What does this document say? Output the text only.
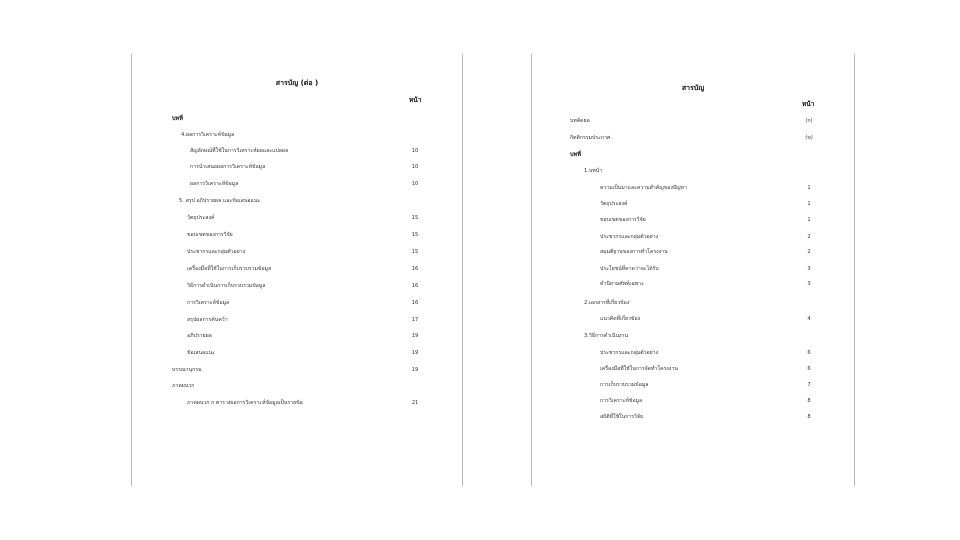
สารบัญ (ต่อ )
หน้า
บทที่
4.ผลการวิเคราะห์ข้อมูล
สัญลักษณ์ที่ใช้ในการวิเคราะห์ผลและแปลผล	10
การนำเสนอผลการวิเคราะห์ข้อมูล	10
ผลการวิเคราะห์ข้อมูล	10
5. สรุป อภิปรายผล และข้อเสนอแนะ
วัตถุประสงค์	15
ขอบเขตของการวิจัย	15
ประชากรและกลุ่มตัวอย่าง	15
เครื่องมือที่ใช้ในการเก็บรวบรวมข้อมูล	16
วิธีการดำเนินการเก็บรวบรวมข้อมูล	16
การวิเคราะห์ข้อมูล	16
สรุปผลการค้นคว้า	17
อภิปรายผล	19
ข้อเสนอแนะ	19
บรรณานุกรม	19
ภาคผนวก
ภาคผนวก ก ตารางผลการวิเคราะห์ข้อมูลเป็นรายข้อ	21
สารบัญ
หน้า
บทคัดย่อ	(ก)
กิตติกรรมประกาศ	(ข)
บทที่
1.บทนำ
ความเป็นมาและความสำคัญของปัญหา	1
วัตถุประสงค์	1
ขอบเขตของการวิจัย	1
ประชากรและกลุ่มตัวอย่าง	2
สมมติฐานของการทำโครงงาน	2
ประโยชน์ที่คาดว่าจะได้รับ	3
คำนิยามศัพท์เฉพาะ	3
2.เอกสารที่เกี่ยวข้อง
แนวคิดที่เกี่ยวข้อง	4
3.วิธีการดำเนินงาน
ประชากรและกลุ่มตัวอย่าง	6
เครื่องมือที่ใช้ในการจัดทำโครงงาน	6
การเก็บรวบรวมข้อมูล	7
การวิเคราะห์ข้อมูล	8
สถิติที่ใช้ในการวิจัย	8
